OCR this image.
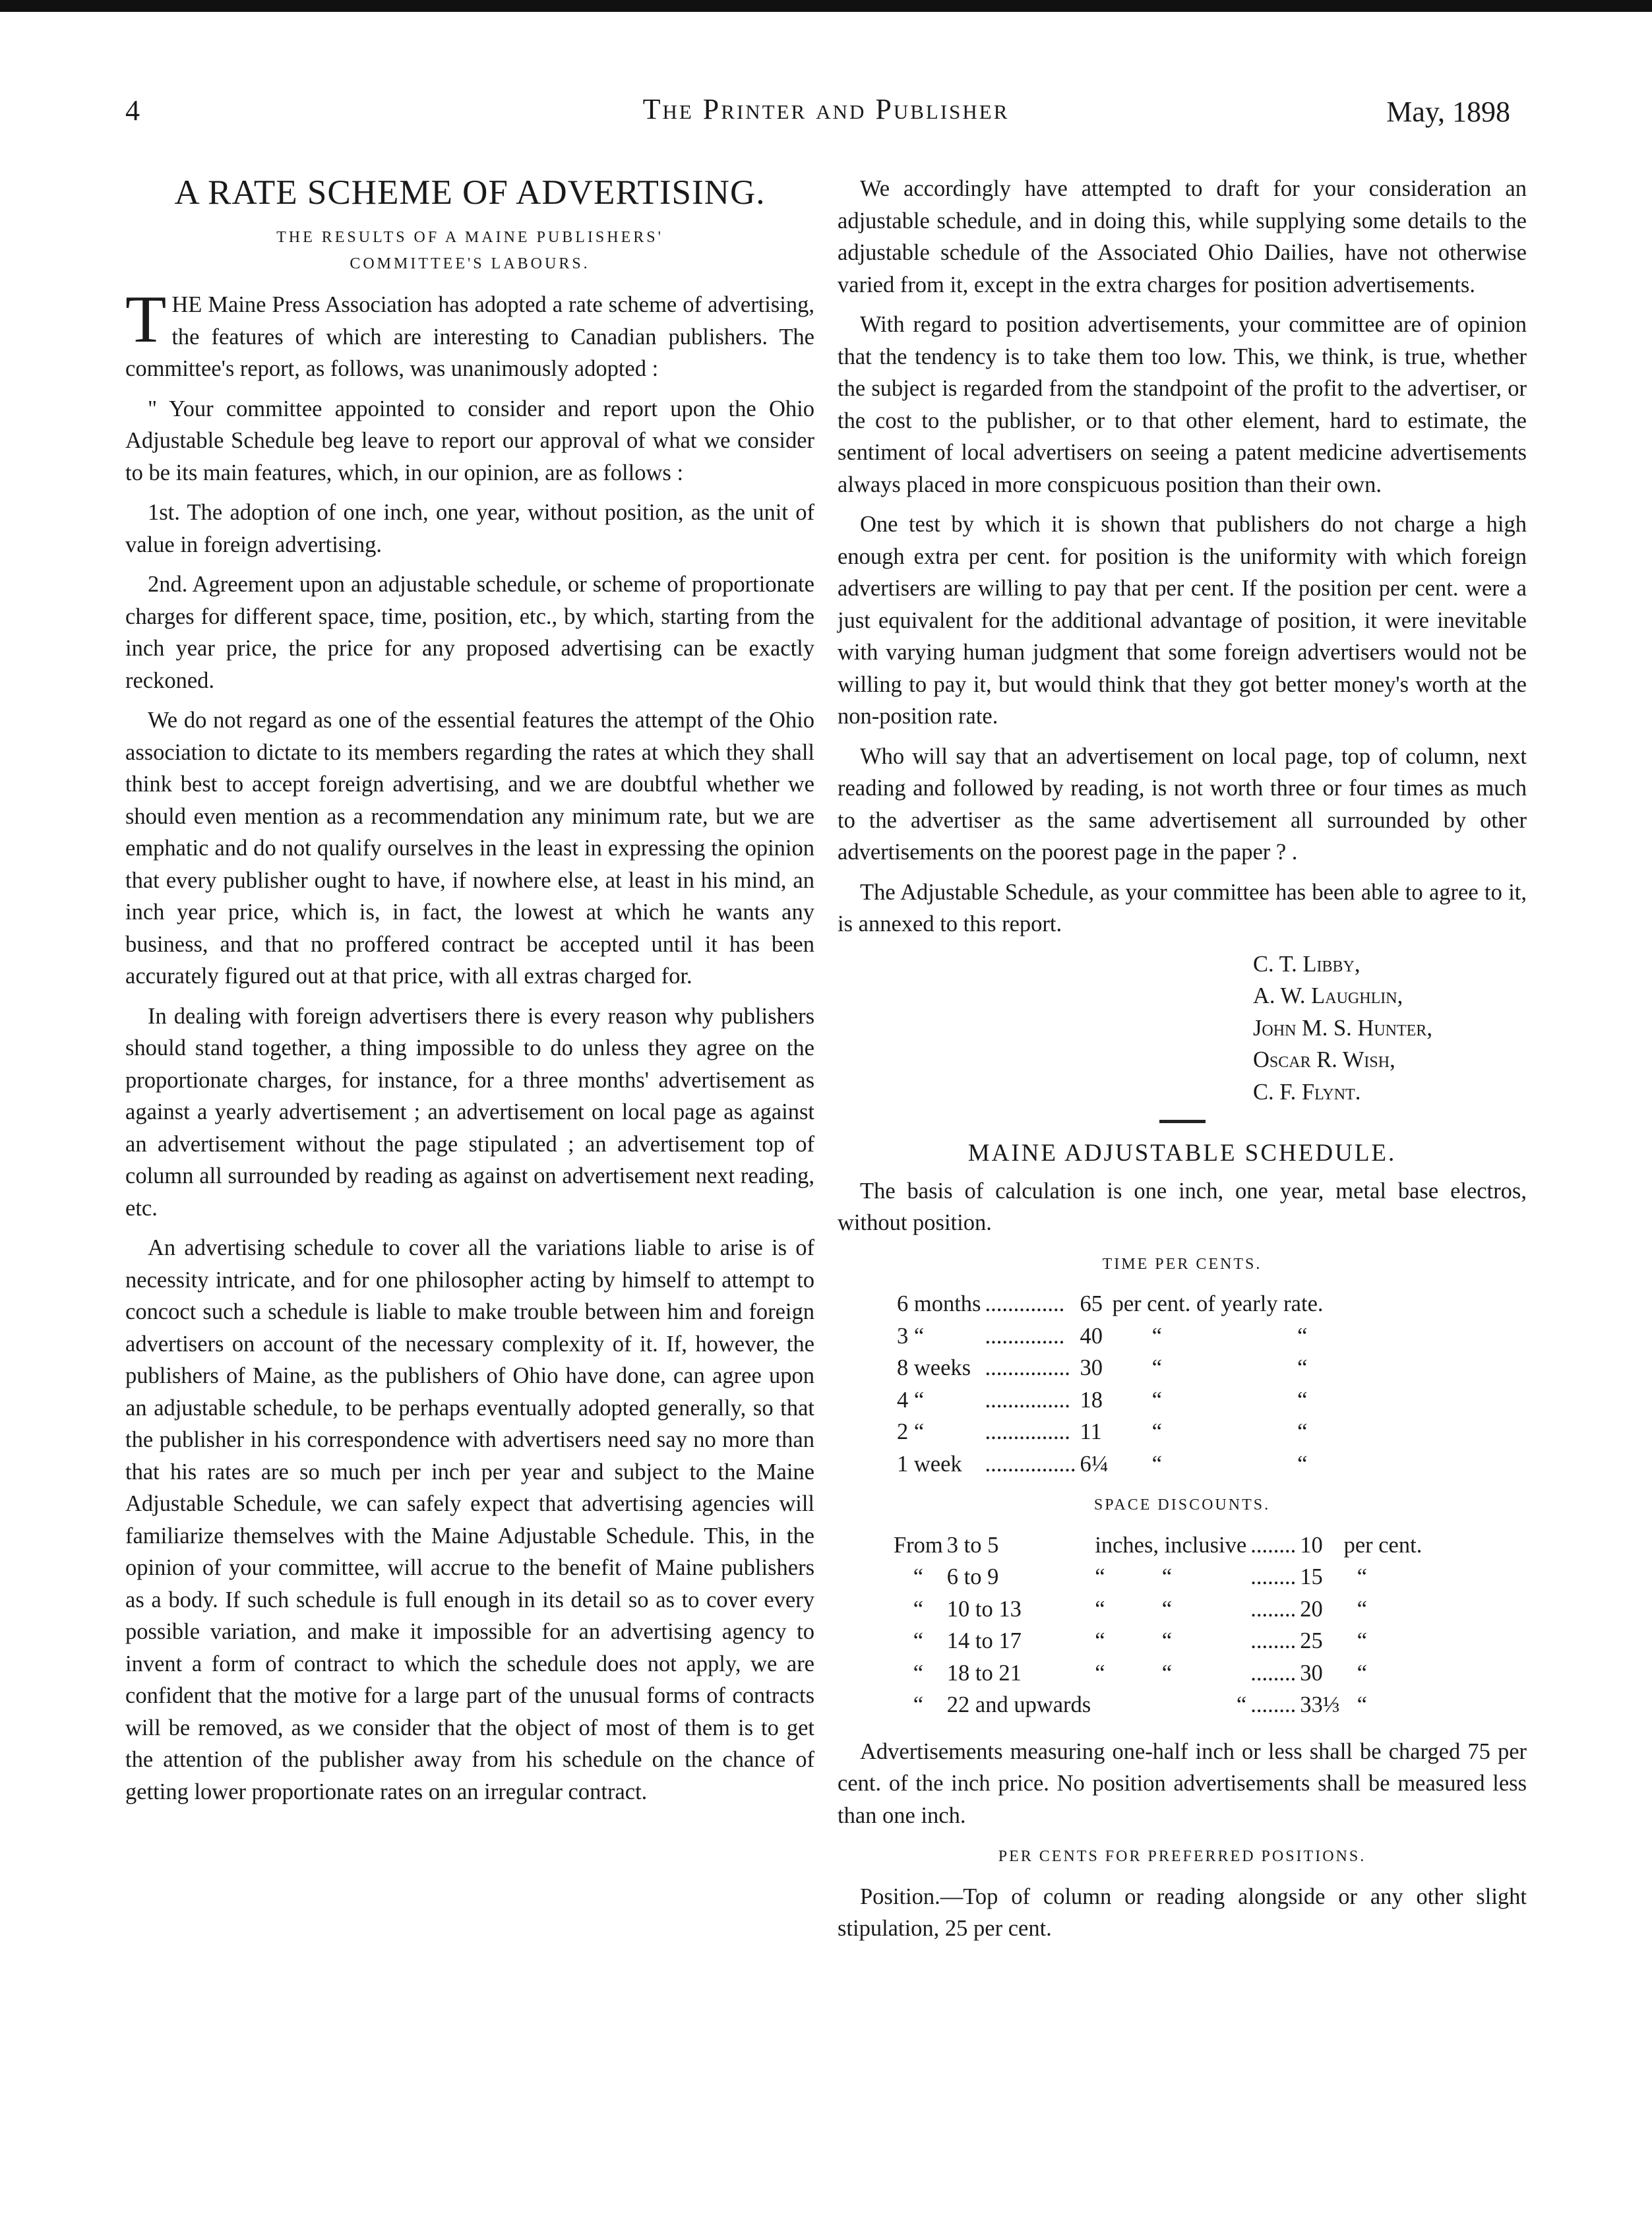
4	The Printer and Publisher	May, 1898
A RATE SCHEME OF ADVERTISING.
THE RESULTS OF A MAINE PUBLISHERS'
COMMITTEE'S LABOURS.

THE Maine Press Association has adopted a rate scheme of advertising, the features of which are interesting to Canadian publishers. The committee's report, as follows, was unanimously adopted :

" Your committee appointed to consider and report upon the Ohio Adjustable Schedule beg leave to report our approval of what we consider to be its main features, which, in our opinion, are as follows :

1st. The adoption of one inch, one year, without position, as the unit of value in foreign advertising.

2nd. Agreement upon an adjustable schedule, or scheme of proportionate charges for different space, time, position, etc., by which, starting from the inch year price, the price for any proposed advertising can be exactly reckoned.

We do not regard as one of the essential features the attempt of the Ohio association to dictate to its members regarding the rates at which they shall think best to accept foreign advertising, and we are doubtful whether we should even mention as a recommendation any minimum rate, but we are emphatic and do not qualify ourselves in the least in expressing the opinion that every publisher ought to have, if nowhere else, at least in his mind, an inch year price, which is, in fact, the lowest at which he wants any business, and that no proffered contract be accepted until it has been accurately figured out at that price, with all extras charged for.

In dealing with foreign advertisers there is every reason why publishers should stand together, a thing impossible to do unless they agree on the proportionate charges, for instance, for a three months' advertisement as against a yearly advertisement ; an advertisement on local page as against an advertisement without the page stipulated ; an advertisement top of column all surrounded by reading as against on advertisement next reading, etc.

An advertising schedule to cover all the variations liable to arise is of necessity intricate, and for one philosopher acting by himself to attempt to concoct such a schedule is liable to make trouble between him and foreign advertisers on account of the necessary complexity of it. If, however, the publishers of Maine, as the publishers of Ohio have done, can agree upon an adjustable schedule, to be perhaps eventually adopted generally, so that the publisher in his correspondence with advertisers need say no more than that his rates are so much per inch per year and subject to the Maine Adjustable Schedule, we can safely expect that advertising agencies will familiarize themselves with the Maine Adjustable Schedule. This, in the opinion of your committee, will accrue to the benefit of Maine publishers as a body. If such schedule is full enough in its detail so as to cover every possible variation, and make it impossible for an advertising agency to invent a form of contract to which the schedule does not apply, we are confident that the motive for a large part of the unusual forms of contracts will be removed, as we consider that the object of most of them is to get the attention of the publisher away from his schedule on the chance of getting lower proportionate rates on an irregular contract.

We accordingly have attempted to draft for your consideration an adjustable schedule, and in doing this, while supplying some details to the adjustable schedule of the Associated Ohio Dailies, have not otherwise varied from it, except in the extra charges for position advertisements.

With regard to position advertisements, your committee are of opinion that the tendency is to take them too low. This, we think, is true, whether the subject is regarded from the standpoint of the profit to the advertiser, or the cost to the publisher, or to that other element, hard to estimate, the sentiment of local advertisers on seeing a patent medicine advertisements always placed in more conspicuous position than their own.

One test by which it is shown that publishers do not charge a high enough extra per cent. for position is the uniformity with which foreign advertisers are willing to pay that per cent. If the position per cent. were a just equivalent for the additional advantage of position, it were inevitable with varying human judgment that some foreign advertisers would not be willing to pay it, but would think that they got better money's worth at the non-position rate.

Who will say that an advertisement on local page, top of column, next reading and followed by reading, is not worth three or four times as much to the advertiser as the same advertisement all surrounded by other advertisements on the poorest page in the paper ? .

The Adjustable Schedule, as your committee has been able to agree to it, is annexed to this report.

C. T. Libby,
A. W. Laughlin,
John M. S. Hunter,
Oscar R. Wish,
C. F. Flynt.
MAINE ADJUSTABLE SCHEDULE.

The basis of calculation is one inch, one year, metal base electros, without position.

TIME PER CENTS.
6 months	..............	65	per cent. of yearly rate.	
3 “	..............	40	“	“
8 weeks	...............	30	“	“
4 “	...............	18	“	“
2 “	...............	11	“	“
1 week	................	6¼	“	“
SPACE DISCOUNTS.
From	3 to 5	inches, inclusive	........	10	per cent.
“	6 to 9	“          “	........	15	“
“	10 to 13	“          “	........	20	“
“	14 to 17	“          “	........	25	“
“	18 to 21	“          “	........	30	“
“	22 and upwards	“	........	33⅓	“

Advertisements measuring one-half inch or less shall be charged 75 per cent. of the inch price. No position advertisements shall be measured less than one inch.

PER CENTS FOR PREFERRED POSITIONS.

Position.—Top of column or reading alongside or any other slight stipulation, 25 per cent.
